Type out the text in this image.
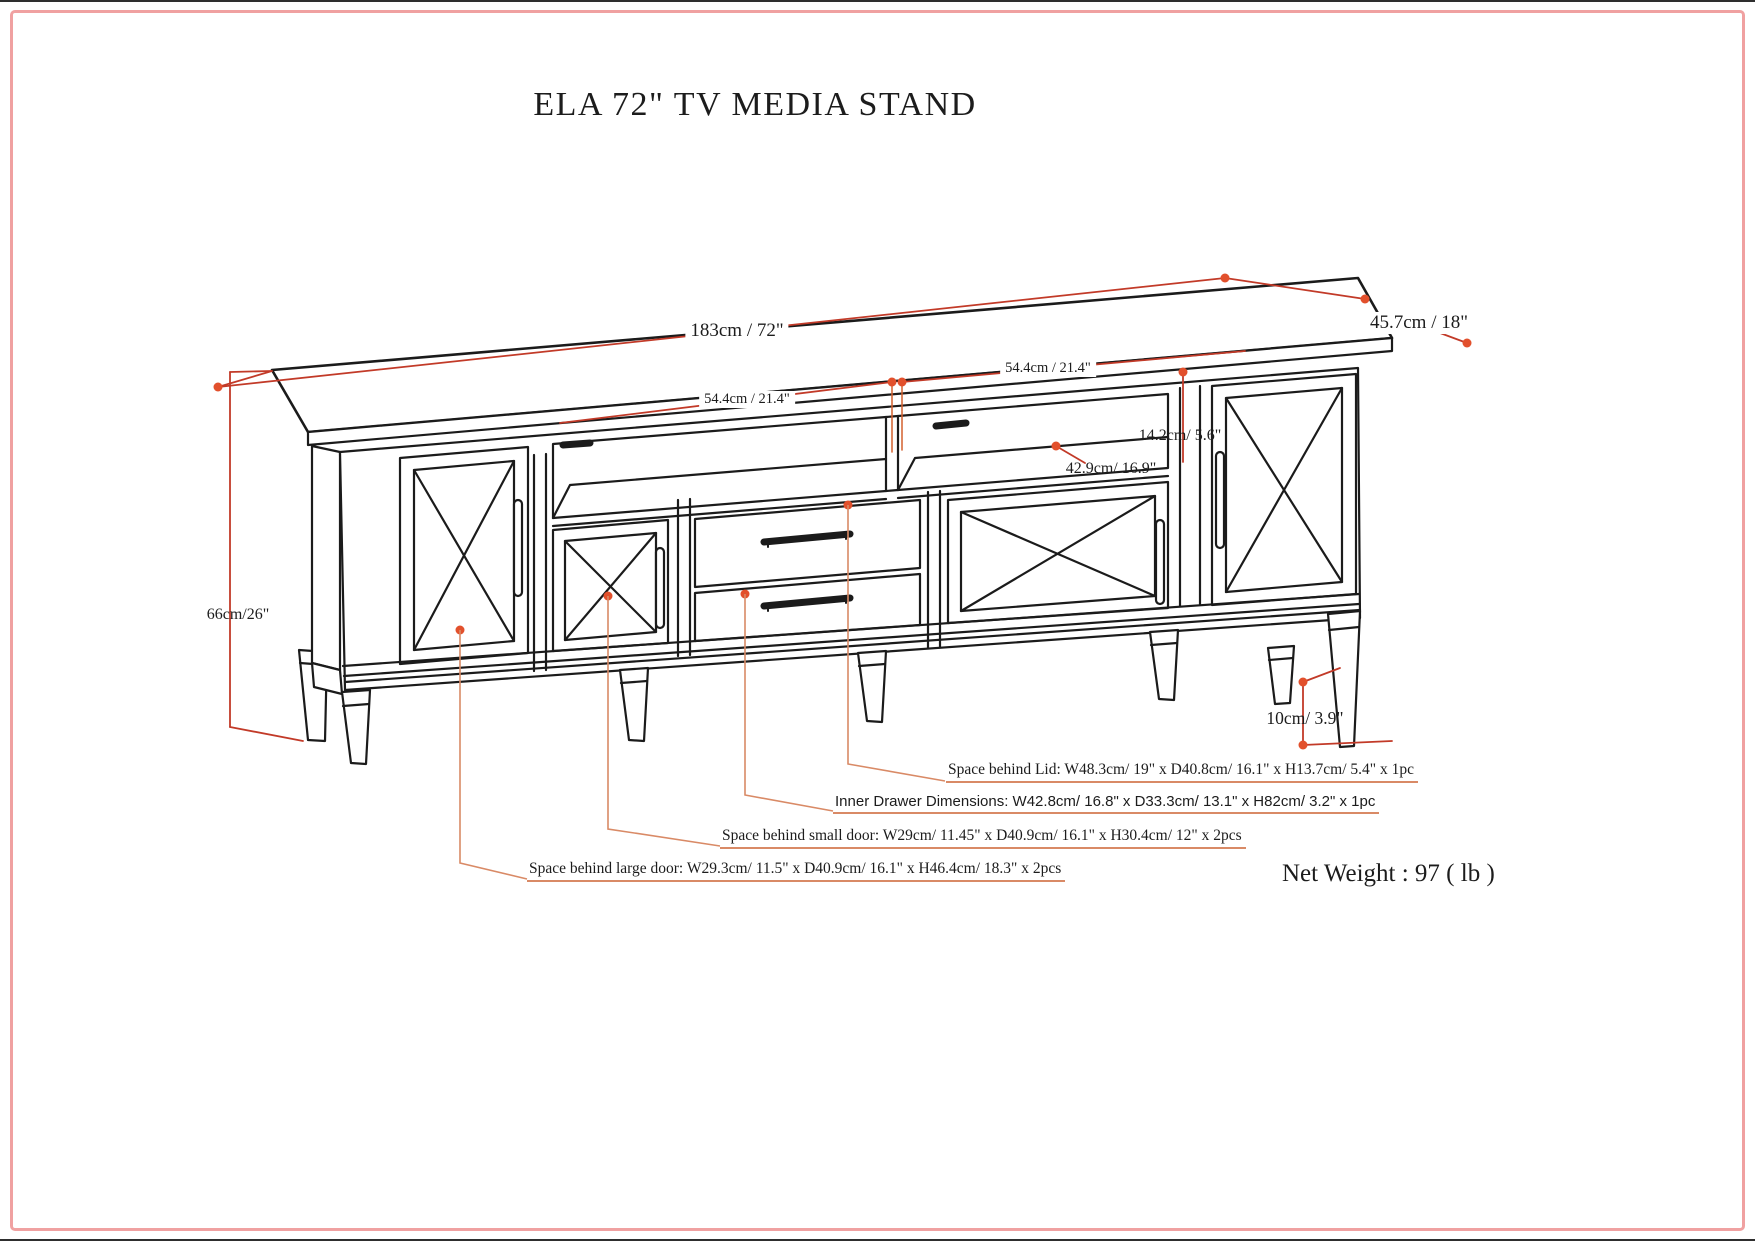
ELA 72" TV MEDIA STAND
183cm / 72"	45.7cm / 18"
54.4cm / 21.4"
54.4cm / 21.4"
14.2cm/ 5.6"
42.9cm/ 16.9"
66cm/26"
10cm/ 3.9"
Space behind Lid: W48.3cm/ 19" x D40.8cm/ 16.1" x H13.7cm/ 5.4" x 1pc
Inner Drawer Dimensions: W42.8cm/ 16.8" x D33.3cm/ 13.1" x H82cm/ 3.2" x 1pc
Space behind small door: W29cm/ 11.45" x D40.9cm/ 16.1" x H30.4cm/ 12" x 2pcs
Space behind large door: W29.3cm/ 11.5" x D40.9cm/ 16.1" x H46.4cm/ 18.3" x 2pcs	Net Weight : 97 ( lb )
